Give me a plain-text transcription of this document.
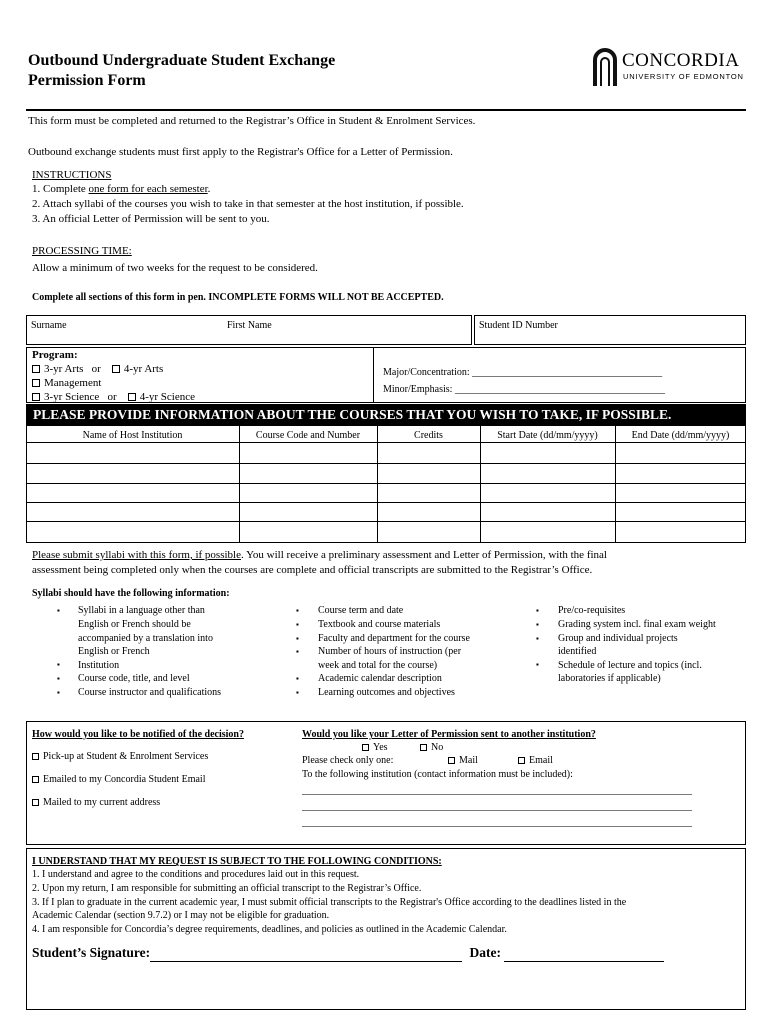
Outbound Undergraduate Student Exchange
Permission Form
CONCORDIA
UNIVERSITY OF EDMONTON
This form must be completed and returned to the Registrar’s Office in Student & Enrolment Services.
Outbound exchange students must first apply to the Registrar's Office for a Letter of Permission.
INSTRUCTIONS
1. Complete one form for each semester.
2. Attach syllabi of the courses you wish to take in that semester at the host institution, if possible.
3. An official Letter of Permission will be sent to you.
PROCESSING TIME:
Allow a minimum of two weeks for the request to be considered.
Complete all sections of this form in pen. INCOMPLETE FORMS WILL NOT BE ACCEPTED.
Surname	First Name	Student ID Number
Program:
3-yr Arts or 4-yr Arts
Management
3-yr Science or 4-yr Science
Major/Concentration: ______________________________________
Minor/Emphasis: __________________________________________
PLEASE PROVIDE INFORMATION ABOUT THE COURSES THAT YOU WISH TO TAKE, IF POSSIBLE.
Name of Host Institution	Course Code and Number	Credits	Start Date (dd/mm/yyyy)	End Date (dd/mm/yyyy)
Please submit syllabi with this form, if possible. You will receive a preliminary assessment and Letter of Permission, with the final
assessment being completed only when the courses are complete and official transcripts are submitted to the Registrar’s Office.
Syllabi should have the following information:
▪ Syllabi in a language other than
English or French should be
accompanied by a translation into
English or French
▪ Institution
▪ Course code, title, and level
▪ Course instructor and qualifications
▪ Course term and date
▪ Textbook and course materials
▪ Faculty and department for the course
▪ Number of hours of instruction (per
week and total for the course)
▪ Academic calendar description
▪ Learning outcomes and objectives
▪ Pre/co-requisites
▪ Grading system incl. final exam weight
▪ Group and individual projects
identified
▪ Schedule of lecture and topics (incl.
laboratories if applicable)
How would you like to be notified of the decision?
Pick-up at Student & Enrolment Services
Emailed to my Concordia Student Email
Mailed to my current address
Would you like your Letter of Permission sent to another institution?
Yes	No
Please check only one:	Mail	Email
To the following institution (contact information must be included):
______________________________________________________________________________
______________________________________________________________________________
______________________________________________________________________________
I UNDERSTAND THAT MY REQUEST IS SUBJECT TO THE FOLLOWING CONDITIONS:
1. I understand and agree to the conditions and procedures laid out in this request.
2. Upon my return, I am responsible for submitting an official transcript to the Registrar’s Office.
3. If I plan to graduate in the current academic year, I must submit official transcripts to the Registrar's Office according to the deadlines listed in the
Academic Calendar (section 9.7.2) or I may not be eligible for graduation.
4. I am responsible for Concordia’s degree requirements, deadlines, and policies as outlined in the Academic Calendar.
Student’s Signature:	Date:
